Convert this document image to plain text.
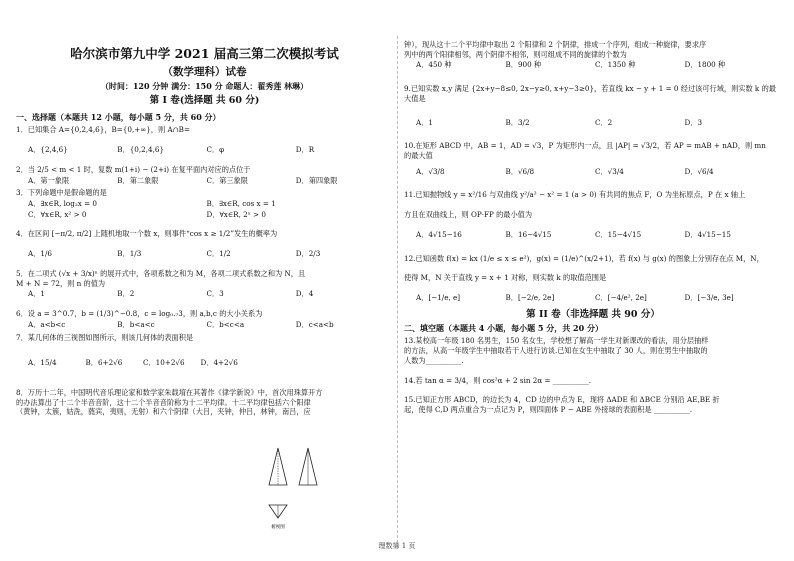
哈尔滨市第九中学 2021 届高三第二次模拟考试
（数学理科）试卷
（时间：120 分钟 满分：150 分 命题人：翟秀莲 林琳）
第 I 卷(选择题 共 60 分)
一、选择题（本题共 12 小题，每小题 5 分，共 60 分）
1．已知集合 A={0,2,4,6}，B={0,+∞}，则 A∩B=
A．{2,4,6}	B．{0,2,4,6}	C．φ	D．R
2．当 2/5 < m < 1 时，复数 m(1+i) − (2+i) 在复平面内对应的点位于
A．第一象限	B．第二象限	C．第三象限	D．第四象限
3．下列命题中是假命题的是
A．∃x∈R, log₂x = 0	B．∃x∈R, cos x = 1
C．∀x∈R, x² > 0	D．∀x∈R, 2ˣ > 0
4．在区间 [−π/2, π/2] 上随机地取一个数 x，则事件“cos x ≥ 1/2”发生的概率为
A．1/6	B．1/3	C．1/2	D．2/3
5．在二项式 (√x + 3/x)ⁿ 的展开式中，各项系数之和为 M，各项二项式系数之和为 N，且
M + N = 72，则 n 的值为
A．1	B．2	C．3	D．4
6．设 a = 3^0.7，b = (1/3)^−0.8，c = log₀.₇3，则 a,b,c 的大小关系为
A．a<b<c	B．b<a<c	C．b<c<a	D．c<a<b
7．某几何体的三视图如图所示，则该几何体的表面积是
A．15/4	B．6+2√6	C．10+2√6	D．4+2√6
8．万历十二年，中国明代音乐理论家和数学家朱载堉在其著作《律学新说》中，首次用珠算开方
的办法算出了十二个半音音阶，这十二个半音音阶称为十二平均律。十二平均律包括六个阳律
（黄钟，太簇，姑洗，蕤宾，夷则，无射）和六个阴律（大吕，夹钟，仲吕，林钟，南吕，应
俯视图
钟），现从这十二个平均律中取出 2 个阳律和 2 个阴律，排成一个序列，组成一种旋律，要求序
列中的两个阳律相邻，两个阴律不相邻，则可组成不同的旋律的个数为
A．450 种	B．900 种	C．1350 种	D．1800 种
9.已知实数 x,y 满足 {2x+y−8≤0, 2x−y≥0, x+y−3≥0}，若直线 kx − y + 1 = 0 经过该可行域，则实数 k 的最大值是
A．1	B．3/2	C．2	D．3
10.在矩形 ABCD 中，AB = 1，AD = √3，P 为矩形内一点，且 |AP| = √3/2，若 AP = mAB + nAD，则 mn
的最大值
A．√3/8	B．√6/8	C．√3/4	D．√6/4
11.已知抛物线 y = x²/16 与双曲线 y²/a² − x² = 1 (a > 0) 有共同的焦点 F，O 为坐标原点，P 在 x 轴上
方且在双曲线上，则 OP·FP 的最小值为
A．4√15−16	B．16−4√15	C．15−4√15	D．4√15−15
12.已知函数 f(x) = kx (1/e ≤ x ≤ e²)，g(x) = (1/e)^(x/2+1)，若 f(x) 与 g(x) 的图象上分别存在点 M，N，
使得 M，N 关于直线 y = x + 1 对称，则实数 k 的取值范围是
A．[−1/e, e]	B．[−2/e, 2e]	C．[−4/e², 2e]	D．[−3/e, 3e]
第 II 卷（非选择题 共 90 分）
二、填空题（本题共 4 小题，每小题 5 分，共 20 分）
13.某校高一年级 180 名男生，150 名女生，学校想了解高一学生对新课改的看法，用分层抽样
的方法，从高一年级学生中抽取若干人进行访谈.已知在女生中抽取了 30 人，则在男生中抽取的
人数为__________.
14.若 tan α = 3/4，则 cos²α + 2 sin 2α = __________.
15.已知正方形 ABCD，的边长为 4，CD 边的中点为 E，现将 ΔADE 和 ΔBCE 分别沿 AE,BE 折
起，使得 C,D 两点重合为一点记为 P，则四面体 P − ABE 外接球的表面积是 __________.
理数第 1 页
